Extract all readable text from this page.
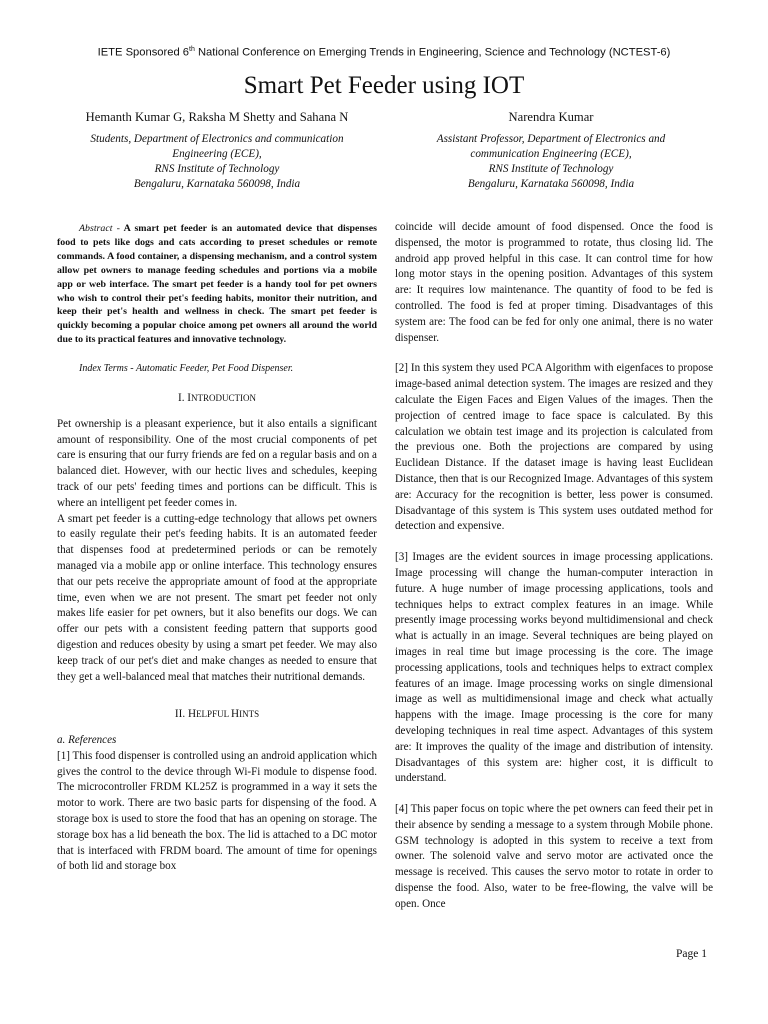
IETE Sponsored 6th National Conference on Emerging Trends in Engineering, Science and Technology (NCTEST-6)
Smart Pet Feeder using IOT
Hemanth Kumar G, Raksha M Shetty and Sahana N
Students, Department of Electronics and communication
Engineering (ECE),
RNS Institute of Technology
Bengaluru, Karnataka 560098, India
Narendra Kumar
Assistant Professor, Department of Electronics and
communication Engineering (ECE),
RNS Institute of Technology
Bengaluru, Karnataka 560098, India

Abstract - A smart pet feeder is an automated device that dispenses food to pets like dogs and cats according to preset schedules or remote commands. A food container, a dispensing mechanism, and a control system allow pet owners to manage feeding schedules and portions via a mobile app or web interface. The smart pet feeder is a handy tool for pet owners who wish to control their pet's feeding habits, monitor their nutrition, and keep their pet's health and wellness in check. The smart pet feeder is quickly becoming a popular choice among pet owners all around the world due to its practical features and innovative technology.

Index Terms - Automatic Feeder, Pet Food Dispenser.

I. INTRODUCTION

Pet ownership is a pleasant experience, but it also entails a significant amount of responsibility. One of the most crucial components of pet care is ensuring that our furry friends are fed on a regular basis and on a balanced diet. However, with our hectic lives and schedules, keeping track of our pets' feeding times and portions can be difficult. This is where an intelligent pet feeder comes in.

A smart pet feeder is a cutting-edge technology that allows pet owners to easily regulate their pet's feeding habits. It is an automated feeder that dispenses food at predetermined periods or can be remotely managed via a mobile app or online interface. This technology ensures that our pets receive the appropriate amount of food at the appropriate time, even when we are not present. The smart pet feeder not only makes life easier for pet owners, but it also benefits our dogs. We can offer our pets with a consistent feeding pattern that supports good digestion and reduces obesity by using a smart pet feeder. We may also keep track of our pet's diet and make changes as needed to ensure that they get a well-balanced meal that matches their nutritional demands.

II. HELPFUL HINTS

a. References

[1] This food dispenser is controlled using an android application which gives the control to the device through Wi-Fi module to dispense food. The microcontroller FRDM KL25Z is programmed in a way it sets the motor to work. There are two basic parts for dispensing of the food. A storage box is used to store the food that has an opening on storage. The storage box has a lid beneath the box. The lid is attached to a DC motor that is interfaced with FRDM board. The amount of time for openings of both lid and storage box

coincide will decide amount of food dispensed. Once the food is dispensed, the motor is programmed to rotate, thus closing lid. The android app proved helpful in this case. It can control time for how long motor stays in the opening position. Advantages of this system are: It requires low maintenance. The quantity of food to be fed is controlled. The food is fed at proper timing. Disadvantages of this system are: The food can be fed for only one animal, there is no water dispenser.

[2] In this system they used PCA Algorithm with eigenfaces to propose image-based animal detection system. The images are resized and they calculate the Eigen Faces and Eigen Values of the images. Then the projection of centred image to face space is calculated. By this calculation we obtain test image and its projection is calculated from the previous one. Both the projections are compared by using Euclidean Distance. If the dataset image is having least Euclidean Distance, then that is our Recognized Image. Advantages of this system are: Accuracy for the recognition is better, less power is consumed. Disadvantage of this system is This system uses outdated method for detection and expensive.

[3] Images are the evident sources in image processing applications. Image processing will change the human-computer interaction in future. A huge number of image processing applications, tools and techniques helps to extract complex features in an image. While presently image processing works beyond multidimensional and check what is actually in an image. Several techniques are being played on images in real time but image processing is the core. The image processing applications, tools and techniques helps to extract complex features of an image. Image processing works on single dimensional image as well as multidimensional image and check what actually happens with the image. Image processing is the core for many developing techniques in real time aspect. Advantages of this system are: It improves the quality of the image and distribution of intensity. Disadvantages of this system are: higher cost, it is difficult to understand.

[4] This paper focus on topic where the pet owners can feed their pet in their absence by sending a message to a system through Mobile phone. GSM technology is adopted in this system to receive a text from owner. The solenoid valve and servo motor are activated once the message is received. This causes the servo motor to rotate in order to dispense the food. Also, water to be free-flowing, the valve will be open. Once

Page 1
